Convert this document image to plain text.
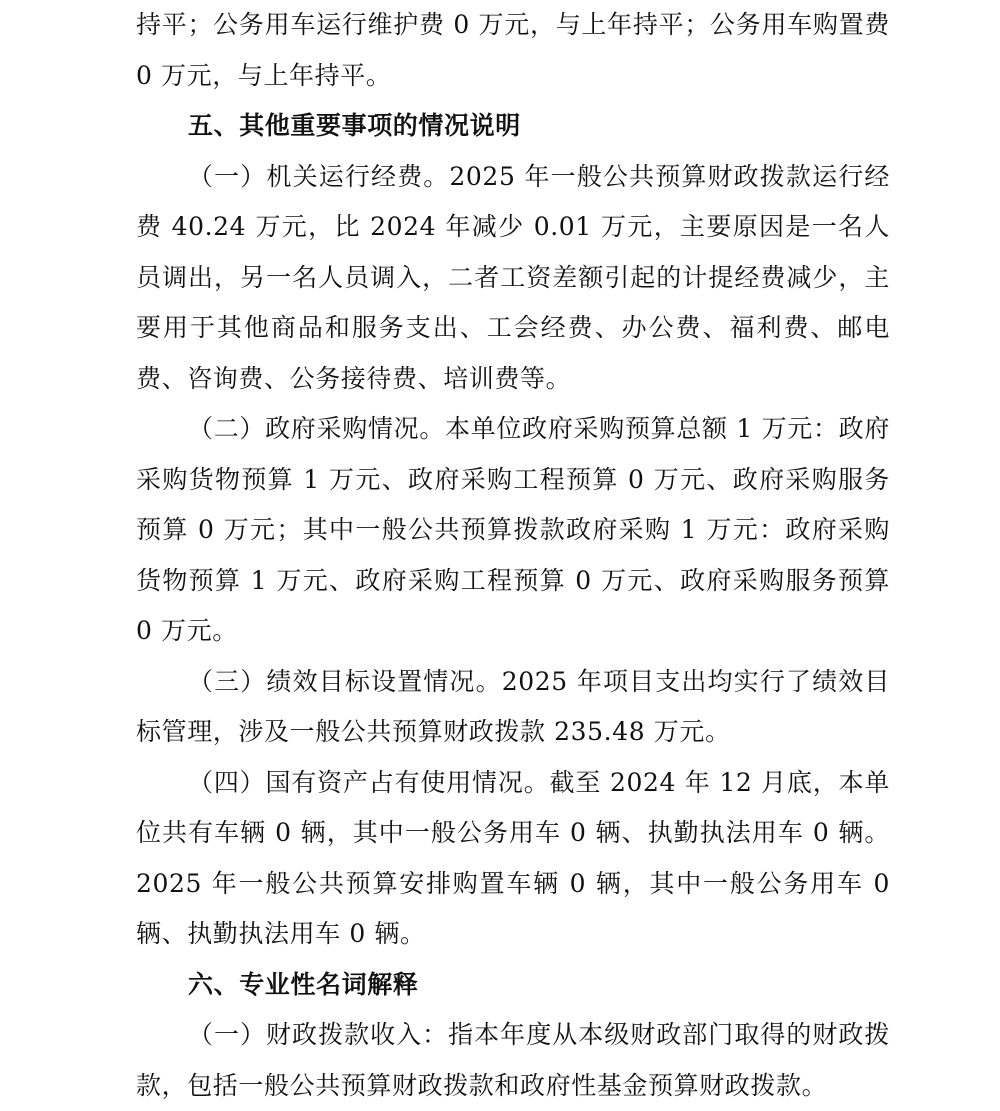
持平；公务用车运行维护费 0 万元，与上年持平；公务用车购置费 0 万元，与上年持平。

五、其他重要事项的情况说明

（一）机关运行经费。2025 年一般公共预算财政拨款运行经费 40.24 万元，比 2024 年减少 0.01 万元，主要原因是一名人员调出，另一名人员调入，二者工资差额引起的计提经费减少，主要用于其他商品和服务支出、工会经费、办公费、福利费、邮电费、咨询费、公务接待费、培训费等。

（二）政府采购情况。本单位政府采购预算总额 1 万元：政府采购货物预算 1 万元、政府采购工程预算 0 万元、政府采购服务预算 0 万元；其中一般公共预算拨款政府采购 1 万元：政府采购货物预算 1 万元、政府采购工程预算 0 万元、政府采购服务预算 0 万元。

（三）绩效目标设置情况。2025 年项目支出均实行了绩效目标管理，涉及一般公共预算财政拨款 235.48 万元。

（四）国有资产占有使用情况。截至 2024 年 12 月底，本单位共有车辆 0 辆，其中一般公务用车 0 辆、执勤执法用车 0 辆。2025 年一般公共预算安排购置车辆 0 辆，其中一般公务用车 0 辆、执勤执法用车 0 辆。

六、专业性名词解释

（一）财政拨款收入：指本年度从本级财政部门取得的财政拨款，包括一般公共预算财政拨款和政府性基金预算财政拨款。
